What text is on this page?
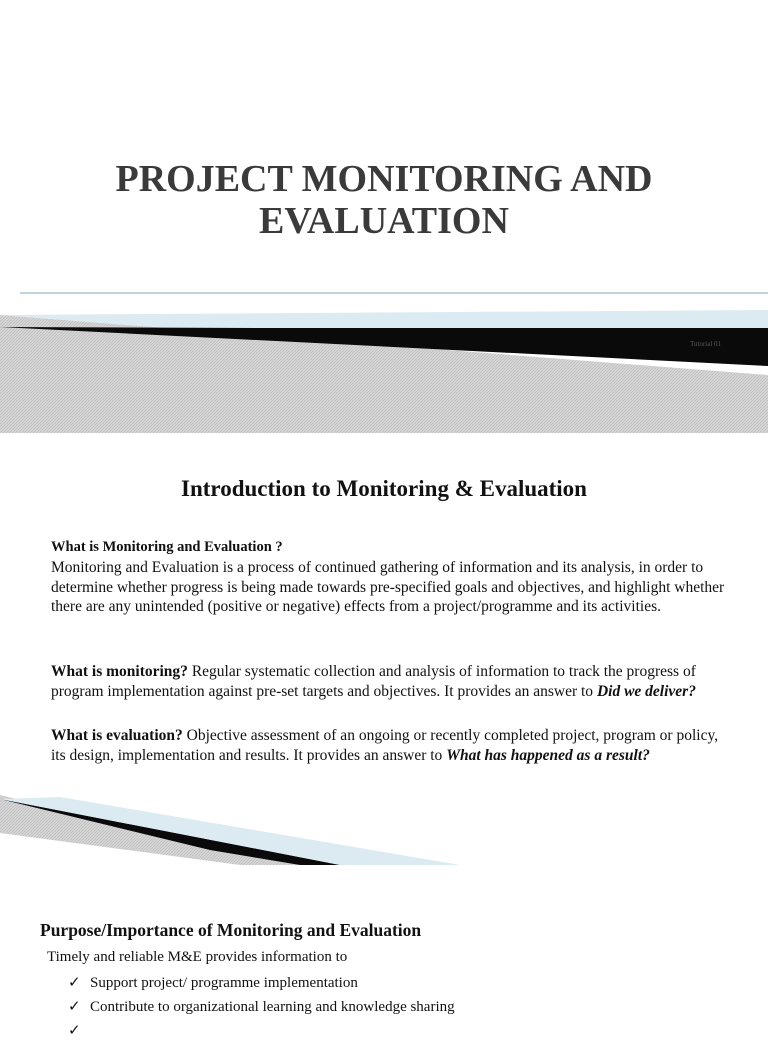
PROJECT MONITORING AND
EVALUATION
Tutorial 01
Introduction to Monitoring & Evaluation
What is Monitoring and Evaluation ?
Monitoring and Evaluation is a process of continued gathering of information and its analysis, in order to determine whether progress is being made towards pre-specified goals and objectives, and highlight whether there are any unintended (positive or negative) effects from a project/programme and its activities.
What is monitoring? Regular systematic collection and analysis of information to track the progress of program implementation against pre-set targets and objectives. It provides an answer to Did we deliver?
What is evaluation? Objective assessment of an ongoing or recently completed project, program or policy, its design, implementation and results. It provides an answer to What has happened as a result?
Purpose/Importance of Monitoring and Evaluation
Timely and reliable M&E provides information to
✓ Support project/ programme implementation
✓ Contribute to organizational learning and knowledge sharing
✓
